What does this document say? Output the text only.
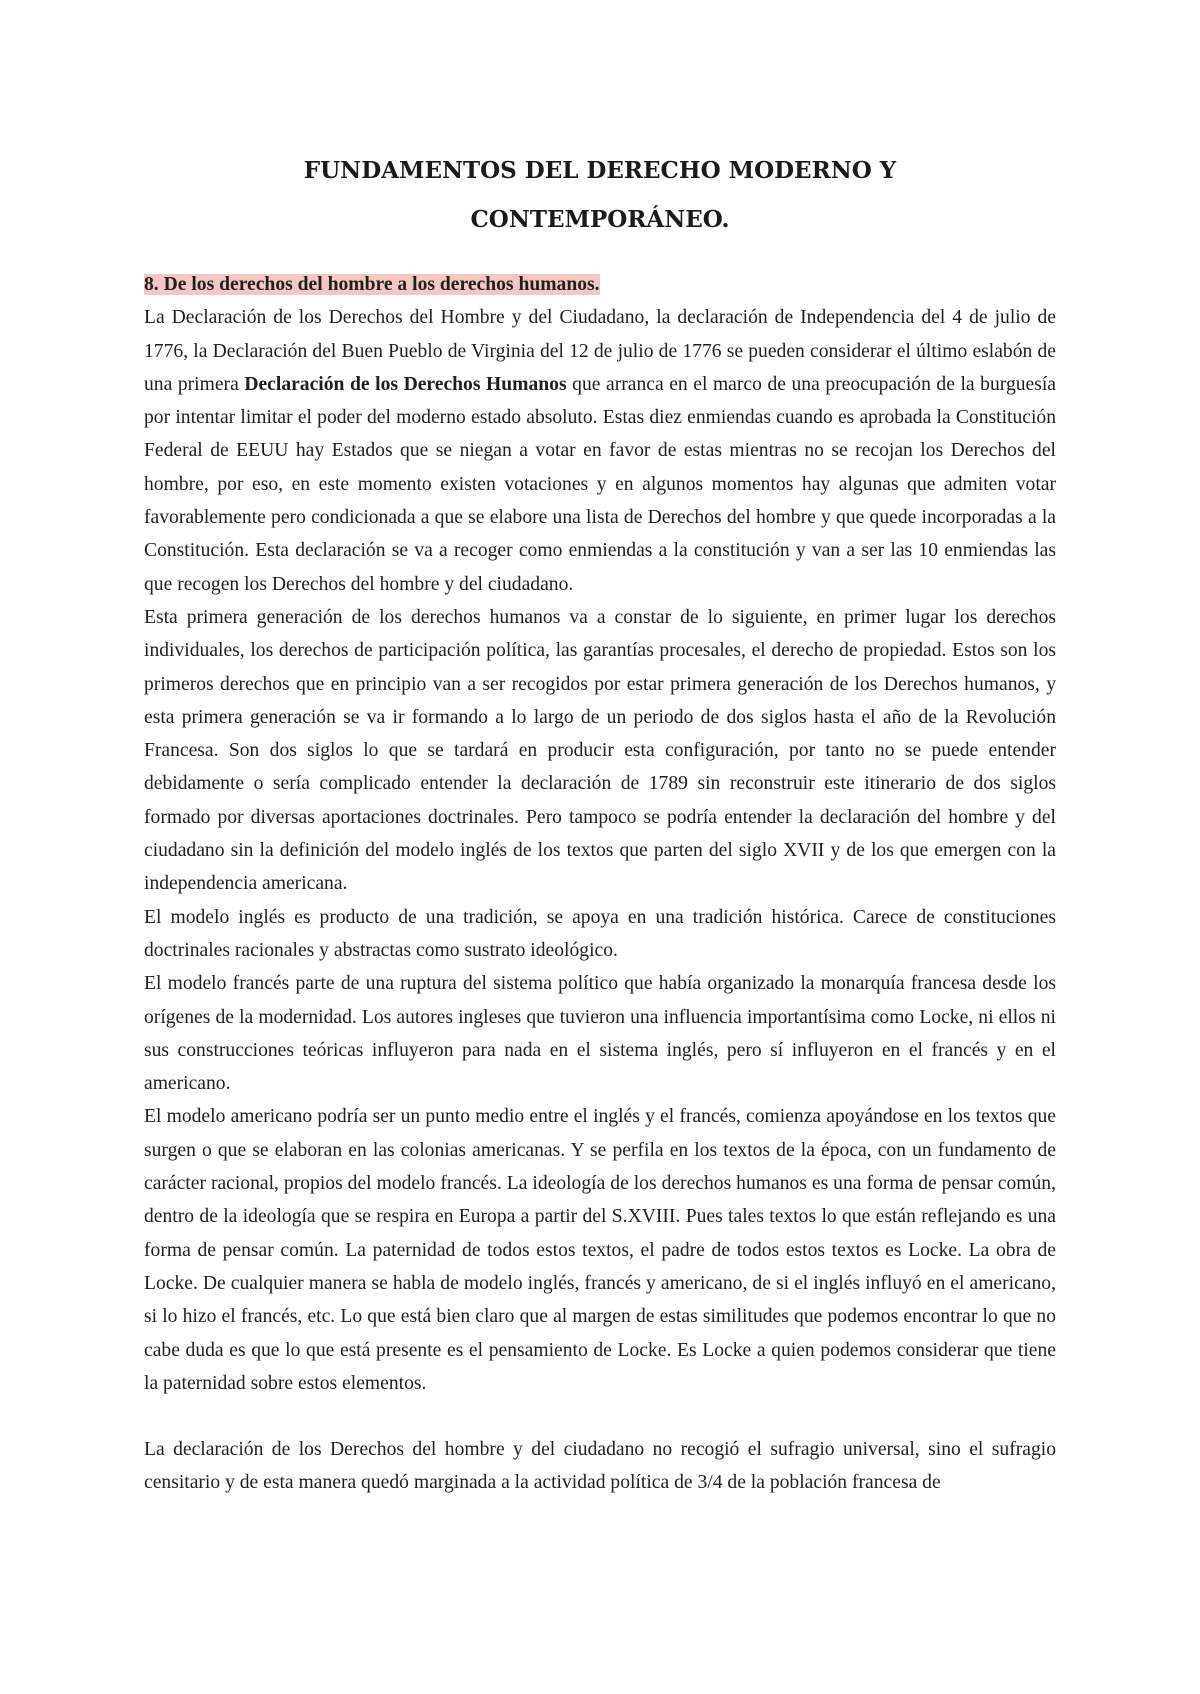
FUNDAMENTOS DEL DERECHO MODERNO Y
CONTEMPORÁNEO.

8. De los derechos del hombre a los derechos humanos.

La Declaración de los Derechos del Hombre y del Ciudadano, la declaración de Independencia del 4 de julio de 1776, la Declaración del Buen Pueblo de Virginia del 12 de julio de 1776 se pueden considerar el último eslabón de una primera Declaración de los Derechos Humanos que arranca en el marco de una preocupación de la burguesía por intentar limitar el poder del moderno estado absoluto. Estas diez enmiendas cuando es aprobada la Constitución Federal de EEUU hay Estados que se niegan a votar en favor de estas mientras no se recojan los Derechos del hombre, por eso, en este momento existen votaciones y en algunos momentos hay algunas que admiten votar favorablemente pero condicionada a que se elabore una lista de Derechos del hombre y que quede incorporadas a la Constitución. Esta declaración se va a recoger como enmiendas a la constitución y van a ser las 10 enmiendas las que recogen los Derechos del hombre y del ciudadano.

Esta primera generación de los derechos humanos va a constar de lo siguiente, en primer lugar los derechos individuales, los derechos de participación política, las garantías procesales, el derecho de propiedad. Estos son los primeros derechos que en principio van a ser recogidos por estar primera generación de los Derechos humanos, y esta primera generación se va ir formando a lo largo de un periodo de dos siglos hasta el año de la Revolución Francesa. Son dos siglos lo que se tardará en producir esta configuración, por tanto no se puede entender debidamente o sería complicado entender la declaración de 1789 sin reconstruir este itinerario de dos siglos formado por diversas aportaciones doctrinales. Pero tampoco se podría entender la declaración del hombre y del ciudadano sin la definición del modelo inglés de los textos que parten del siglo XVII y de los que emergen con la independencia americana.

El modelo inglés es producto de una tradición, se apoya en una tradición histórica. Carece de constituciones doctrinales racionales y abstractas como sustrato ideológico.

El modelo francés parte de una ruptura del sistema político que había organizado la monarquía francesa desde los orígenes de la modernidad. Los autores ingleses que tuvieron una influencia importantísima como Locke, ni ellos ni sus construcciones teóricas influyeron para nada en el sistema inglés, pero sí influyeron en el francés y en el americano.

El modelo americano podría ser un punto medio entre el inglés y el francés, comienza apoyándose en los textos que surgen o que se elaboran en las colonias americanas. Y se perfila en los textos de la época, con un fundamento de carácter racional, propios del modelo francés. La ideología de los derechos humanos es una forma de pensar común, dentro de la ideología que se respira en Europa a partir del S.XVIII. Pues tales textos lo que están reflejando es una forma de pensar común. La paternidad de todos estos textos, el padre de todos estos textos es Locke. La obra de Locke. De cualquier manera se habla de modelo inglés, francés y americano, de si el inglés influyó en el americano, si lo hizo el francés, etc. Lo que está bien claro que al margen de estas similitudes que podemos encontrar lo que no cabe duda es que lo que está presente es el pensamiento de Locke. Es Locke a quien podemos considerar que tiene la paternidad sobre estos elementos.

La declaración de los Derechos del hombre y del ciudadano no recogió el sufragio universal, sino el sufragio censitario y de esta manera quedó marginada a la actividad política de 3/4 de la población francesa de
